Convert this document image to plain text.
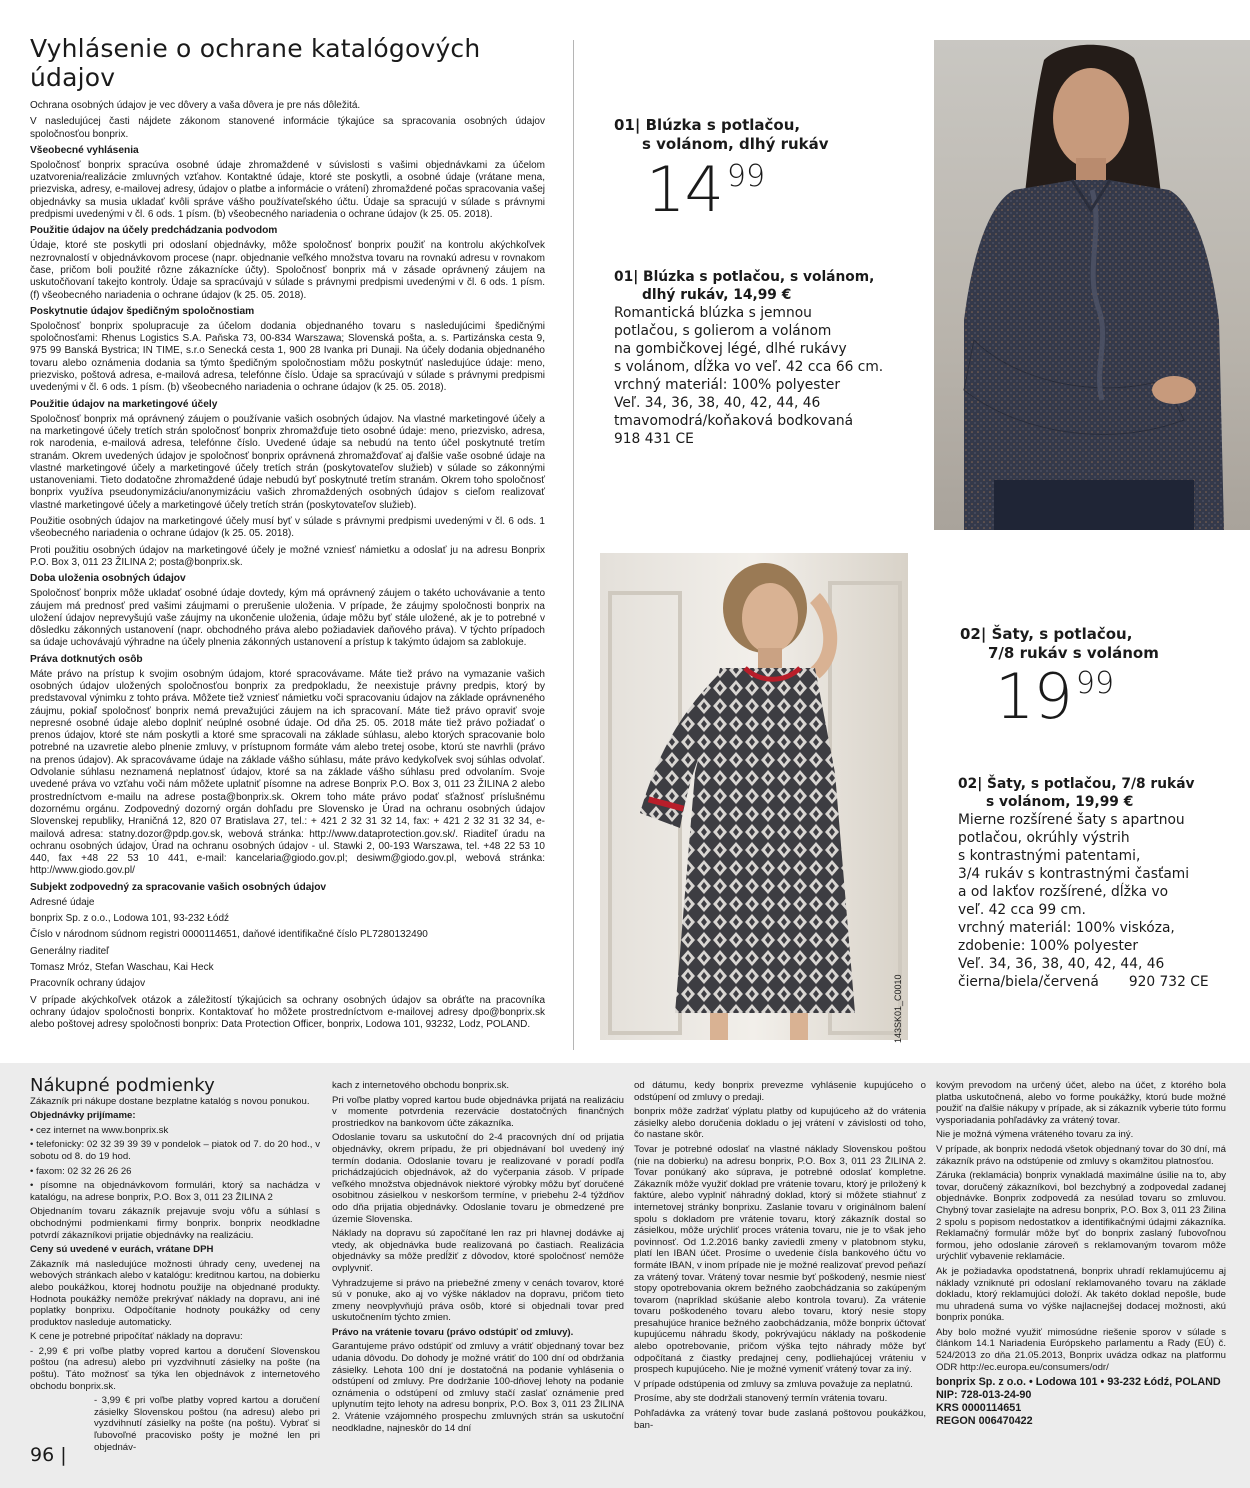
Vyhlásenie o ochrane katalógových údajov

Ochrana osobných údajov je vec dôvery a vaša dôvera je pre nás dôležitá.

V nasledujúcej časti nájdete zákonom stanovené informácie týkajúce sa spracovania osobných údajov spoločnosťou bonprix.

Všeobecné vyhlásenia

Spoločnosť bonprix spracúva osobné údaje zhromaždené v súvislosti s vašimi objednávkami za účelom uzatvorenia/realizácie zmluvných vzťahov. Kontaktné údaje, ktoré ste poskytli, a osobné údaje (vrátane mena, priezviska, adresy, e-mailovej adresy, údajov o platbe a informácie o vrátení) zhromaždené počas spracovania vašej objednávky sa musia ukladať kvôli správe vášho používateľského účtu. Údaje sa spracujú v súlade s právnymi predpismi uvedenými v čl. 6 ods. 1 písm. (b) všeobecného nariadenia o ochrane údajov (k 25. 05. 2018).

Použitie údajov na účely predchádzania podvodom

Údaje, ktoré ste poskytli pri odoslaní objednávky, môže spoločnosť bonprix použiť na kontrolu akýchkoľvek nezrovnalostí v objednávkovom procese (napr. objednanie veľkého množstva tovaru na rovnakú adresu v rovnakom čase, pričom boli použité rôzne zákaznícke účty). Spoločnosť bonprix má v zásade oprávnený záujem na uskutočňovaní takejto kontroly. Údaje sa spracúvajú v súlade s právnymi predpismi uvedenými v čl. 6 ods. 1 písm. (f) všeobecného nariadenia o ochrane údajov (k 25. 05. 2018).

Poskytnutie údajov špedičným spoločnostiam

Spoločnosť bonprix spolupracuje za účelom dodania objednaného tovaru s nasledujúcimi špedičnými spoločnosťami: Rhenus Logistics S.A. Paňska 73, 00-834 Warszawa; Slovenská pošta, a. s. Partizánska cesta 9, 975 99 Banská Bystrica; IN TIME, s.r.o Senecká cesta 1, 900 28 Ivanka pri Dunaji. Na účely dodania objednaného tovaru alebo oznámenia dodania sa týmto špedičným spoločnostiam môžu poskytnúť nasledujúce údaje: meno, priezvisko, poštová adresa, e-mailová adresa, telefónne číslo. Údaje sa spracúvajú v súlade s právnymi predpismi uvedenými v čl. 6 ods. 1 písm. (b) všeobecného nariadenia o ochrane údajov (k 25. 05. 2018).

Použitie údajov na marketingové účely

Spoločnosť bonprix má oprávnený záujem o používanie vašich osobných údajov. Na vlastné marketingové účely a na marketingové účely tretích strán spoločnosť bonprix zhromažďuje tieto osobné údaje: meno, priezvisko, adresa, rok narodenia, e-mailová adresa, telefónne číslo. Uvedené údaje sa nebudú na tento účel poskytnuté tretím stranám. Okrem uvedených údajov je spoločnosť bonprix oprávnená zhromažďovať aj ďalšie vaše osobné údaje na vlastné marketingové účely a marketingové účely tretích strán (poskytovateľov služieb) v súlade so zákonnými ustanoveniami. Tieto dodatočne zhromaždené údaje nebudú byť poskytnuté tretím stranám. Okrem toho spoločnosť bonprix využíva pseudonymizáciu/anonymizáciu vašich zhromaždených osobných údajov s cieľom realizovať vlastné marketingové účely a marketingové účely tretích strán (poskytovateľov služieb).

Použitie osobných údajov na marketingové účely musí byť v súlade s právnymi predpismi uvedenými v čl. 6 ods. 1 všeobecného nariadenia o ochrane údajov (k 25. 05. 2018).

Proti použitiu osobných údajov na marketingové účely je možné vzniesť námietku a odoslať ju na adresu Bonprix P.O. Box 3, 011 23 ŽILINA 2; posta@bonprix.sk.

Doba uloženia osobných údajov

Spoločnosť bonprix môže ukladať osobné údaje dovtedy, kým má oprávnený záujem o takéto uchovávanie a tento záujem má prednosť pred vašimi záujmami o prerušenie uloženia. V prípade, že záujmy spoločnosti bonprix na uložení údajov neprevyšujú vaše záujmy na ukončenie uloženia, údaje môžu byť stále uložené, ak je to potrebné v dôsledku zákonných ustanovení (napr. obchodného práva alebo požiadaviek daňového práva). V týchto prípadoch sa údaje uchovávajú výhradne na účely plnenia zákonných ustanovení a prístup k takýmto údajom sa zablokuje.

Práva dotknutých osôb

Máte právo na prístup k svojim osobným údajom, ktoré spracovávame. Máte tiež právo na vymazanie vašich osobných údajov uložených spoločnosťou bonprix za predpokladu, že neexistuje právny predpis, ktorý by predstavoval výnimku z tohto práva. Môžete tiež vzniesť námietku voči spracovaniu údajov na základe oprávneného záujmu, pokiaľ spoločnosť bonprix nemá prevažujúci záujem na ich spracovaní. Máte tiež právo opraviť svoje nepresné osobné údaje alebo doplniť neúplné osobné údaje. Od dňa 25. 05. 2018 máte tiež právo požiadať o prenos údajov, ktoré ste nám poskytli a ktoré sme spracovali na základe súhlasu, alebo ktorých spracovanie bolo potrebné na uzavretie alebo plnenie zmluvy, v prístupnom formáte vám alebo tretej osobe, ktorú ste navrhli (právo na prenos údajov). Ak spracovávame údaje na základe vášho súhlasu, máte právo kedykoľvek svoj súhlas odvolať. Odvolanie súhlasu neznamená neplatnosť údajov, ktoré sa na základe vášho súhlasu pred odvolaním. Svoje uvedené práva vo vzťahu voči nám môžete uplatniť písomne na adrese Bonprix P.O. Box 3, 011 23 ŽILINA 2 alebo prostredníctvom e-mailu na adrese posta@bonprix.sk. Okrem toho máte právo podať sťažnosť príslušnému dozornému orgánu. Zodpovedný dozorný orgán dohľadu pre Slovensko je Úrad na ochranu osobných údajov Slovenskej republiky, Hraničná 12, 820 07 Bratislava 27, tel.: + 421 2 32 31 32 14, fax: + 421 2 32 31 32 34, e-mailová adresa: statny.dozor@pdp.gov.sk, webová stránka: http://www.dataprotection.gov.sk/. Riaditeľ úradu na ochranu osobných údajov, Úrad na ochranu osobných údajov - ul. Stawki 2, 00-193 Warszawa, tel. +48 22 53 10 440, fax +48 22 53 10 441, e-mail: kancelaria@giodo.gov.pl; desiwm@giodo.gov.pl, webová stránka: http://www.giodo.gov.pl/

Subjekt zodpovedný za spracovanie vašich osobných údajov

Adresné údaje

bonprix Sp. z o.o., Lodowa 101, 93-232 Łódź

Číslo v národnom súdnom registri 0000114651, daňové identifikačné číslo PL7280132490

Generálny riaditeľ

Tomasz Mróz, Stefan Waschau, Kai Heck

Pracovník ochrany údajov

V prípade akýchkoľvek otázok a záležitostí týkajúcich sa ochrany osobných údajov sa obráťte na pracovníka ochrany údajov spoločnosti bonprix. Kontaktovať ho môžete prostredníctvom e-mailovej adresy dpo@bonprix.sk alebo poštovej adresy spoločnosti bonprix: Data Protection Officer, bonprix, Lodowa 101, 93232, Lodz, POLAND.

01| Blúzka s potlačou,
s volánom, dlhý rukáv
14 99
01| Blúzka s potlačou, s volánom,
dlhý rukáv, 14,99 €
Romantická blúzka s jemnou
potlačou, s golierom a volánom
na gombičkovej légé, dlhé rukávy
s volánom, dĺžka vo veľ. 42 cca 66 cm.
vrchný materiál: 100% polyester
Veľ. 34, 36, 38, 40, 42, 44, 46
tmavomodrá/koňaková bodkovaná
918 431 CE
143SK01_C0010
02| Šaty, s potlačou,
7/8 rukáv s volánom
19 99
02| Šaty, s potlačou, 7/8 rukáv
s volánom, 19,99 €
Mierne rozšírené šaty s apartnou
potlačou, okrúhly výstrih
s kontrastnými patentami,
3/4 rukáv s kontrastnými časťami
a od lakťov rozšírené, dĺžka vo
veľ. 42 cca 99 cm.
vrchný materiál: 100% viskóza,
zdobenie: 100% polyester
Veľ. 34, 36, 38, 40, 42, 44, 46
čierna/biela/červená 920 732 CE
Nákupné podmienky

Zákazník pri nákupe dostane bezplatne katalóg s novou ponukou.

Objednávky prijímame:

• cez internet na www.bonprix.sk

• telefonicky: 02 32 39 39 39 v pondelok – piatok od 7. do 20 hod., v sobotu od 8. do 19 hod.

• faxom: 02 32 26 26 26

• písomne na objednávkovom formulári, ktorý sa nachádza v katalógu, na adrese bonprix, P.O. Box 3, 011 23 ŽILINA 2

Objednaním tovaru zákazník prejavuje svoju vôľu a súhlasí s obchodnými podmienkami firmy bonprix. bonprix neodkladne potvrdí zákazníkovi prijatie objednávky na realizáciu.

Ceny sú uvedené v eurách, vrátane DPH

Zákazník má nasledujúce možnosti úhrady ceny, uvedenej na webových stránkach alebo v katalógu: kreditnou kartou, na dobierku alebo poukážkou, ktorej hodnotu použije na objednané produkty. Hodnota poukážky nemôže prekrývať náklady na dopravu, ani iné poplatky bonprixu. Odpočítanie hodnoty poukážky od ceny produktov nasleduje automaticky.

K cene je potrebné pripočítať náklady na dopravu:

- 2,99 € pri voľbe platby vopred kartou a doručení Slovenskou poštou (na adresu) alebo pri vyzdvihnutí zásielky na pošte (na poštu). Táto možnosť sa týka len objednávok z internetového obchodu bonprix.sk.

- 3,99 € pri voľbe platby vopred kartou a doručení zásielky Slovenskou poštou (na adresu) alebo pri vyzdvihnutí zásielky na pošte (na poštu). Vybrať si ľubovoľné pracovisko pošty je možné len pri objednáv-

kach z internetového obchodu bonprix.sk.

Pri voľbe platby vopred kartou bude objednávka prijatá na realizáciu v momente potvrdenia rezervácie dostatočných finančných prostriedkov na bankovom účte zákazníka.

Odoslanie tovaru sa uskutoční do 2-4 pracovných dní od prijatia objednávky, okrem prípadu, že pri objednávaní bol uvedený iný termín dodania. Odoslanie tovaru je realizované v poradí podľa prichádzajúcich objednávok, až do vyčerpania zásob. V prípade veľkého množstva objednávok niektoré výrobky môžu byť doručené osobitnou zásielkou v neskoršom termíne, v priebehu 2-4 týždňov odo dňa prijatia objednávky. Odoslanie tovaru je obmedzené pre územie Slovenska.

Náklady na dopravu sú započítané len raz pri hlavnej dodávke aj vtedy, ak objednávka bude realizovaná po častiach. Realizácia objednávky sa môže predĺžiť z dôvodov, ktoré spoločnosť nemôže ovplyvniť.

Vyhradzujeme si právo na priebežné zmeny v cenách tovarov, ktoré sú v ponuke, ako aj vo výške nákladov na dopravu, pričom tieto zmeny neovplyvňujú práva osôb, ktoré si objednali tovar pred uskutočnením týchto zmien.

Právo na vrátenie tovaru (právo odstúpiť od zmluvy).

Garantujeme právo odstúpiť od zmluvy a vrátiť objednaný tovar bez udania dôvodu. Do dohody je možné vrátiť do 100 dní od obdržania zásielky. Lehota 100 dní je dostatočná na podanie vyhlásenia o odstúpení od zmluvy. Pre dodržanie 100-dňovej lehoty na podanie oznámenia o odstúpení od zmluvy stačí zaslať oznámenie pred uplynutím tejto lehoty na adresu bonprix, P.O. Box 3, 011 23 ŽILINA 2. Vrátenie vzájomného prospechu zmluvných strán sa uskutoční neodkladne, najneskôr do 14 dní

od dátumu, kedy bonprix prevezme vyhlásenie kupujúceho o odstúpení od zmluvy o predaji.

bonprix môže zadržať výplatu platby od kupujúceho až do vrátenia zásielky alebo doručenia dokladu o jej vrátení v závislosti od toho, čo nastane skôr.

Tovar je potrebné odoslať na vlastné náklady Slovenskou poštou (nie na dobierku) na adresu bonprix, P.O. Box 3, 011 23 ŽILINA 2. Tovar ponúkaný ako súprava, je potrebné odoslať kompletne. Zákazník môže využiť doklad pre vrátenie tovaru, ktorý je priložený k faktúre, alebo vyplniť náhradný doklad, ktorý si môžete stiahnuť z internetovej stránky bonprixu. Zaslanie tovaru v originálnom balení spolu s dokladom pre vrátenie tovaru, ktorý zákazník dostal so zásielkou, môže urýchliť proces vrátenia tovaru, nie je to však jeho povinnosť. Od 1.2.2016 banky zaviedli zmeny v platobnom styku, platí len IBAN účet. Prosíme o uvedenie čísla bankového účtu vo formáte IBAN, v inom prípade nie je možné realizovať prevod peňazí za vrátený tovar. Vrátený tovar nesmie byť poškodený, nesmie niesť stopy opotrebovania okrem bežného zaobchádzania so zakúpeným tovarom (napríklad skúšanie alebo kontrola tovaru). Za vrátenie tovaru poškodeného tovaru alebo tovaru, ktorý nesie stopy presahujúce hranice bežného zaobchádzania, môže bonprix účtovať kupujúcemu náhradu škody, pokrývajúcu náklady na poškodenie alebo opotrebovanie, pričom výška tejto náhrady môže byť odpočítaná z čiastky predajnej ceny, podliehajúcej vráteniu v prospech kupujúceho. Nie je možné vymeniť vrátený tovar za iný.

V prípade odstúpenia od zmluvy sa zmluva považuje za neplatnú.

Prosíme, aby ste dodržali stanovený termín vrátenia tovaru.

Pohľadávka za vrátený tovar bude zaslaná poštovou poukážkou, ban-

kovým prevodom na určený účet, alebo na účet, z ktorého bola platba uskutočnená, alebo vo forme poukážky, ktorú bude možné použiť na ďalšie nákupy v prípade, ak si zákazník vyberie túto formu vysporiadania pohľadávky za vrátený tovar.

Nie je možná výmena vráteného tovaru za iný.

V prípade, ak bonprix nedodá všetok objednaný tovar do 30 dní, má zákazník právo na odstúpenie od zmluvy s okamžitou platnosťou.

Záruka (reklamácia) bonprix vynakladá maximálne úsilie na to, aby tovar, doručený zákazníkovi, bol bezchybný a zodpovedal zadanej objednávke. Bonprix zodpovedá za nesúlad tovaru so zmluvou. Chybný tovar zasielajte na adresu bonprix, P.O. Box 3, 011 23 Žilina 2 spolu s popisom nedostatkov a identifikačnými údajmi zákazníka. Reklamačný formulár môže byť do bonprix zaslaný ľubovoľnou formou, jeho odoslanie zároveň s reklamovaným tovarom môže urýchliť vybavenie reklamácie.

Ak je požiadavka opodstatnená, bonprix uhradí reklamujúcemu aj náklady vzniknuté pri odoslaní reklamovaného tovaru na základe dokladu, ktorý reklamujúci doloží. Ak takéto doklad nepošle, bude mu uhradená suma vo výške najlacnejšej dodacej možnosti, akú bonprix ponúka.

Aby bolo možné využiť mimosúdne riešenie sporov v súlade s článkom 14.1 Nariadenia Európskeho parlamentu a Rady (EÚ) č. 524/2013 zo dňa 21.05.2013, Bonprix uvádza odkaz na platformu ODR http://ec.europa.eu/consumers/odr/

bonprix Sp. z o.o. • Lodowa 101 • 93-232 Łódź, POLAND
NIP: 728-013-24-90
KRS 0000114651
REGON 006470422
96 |
